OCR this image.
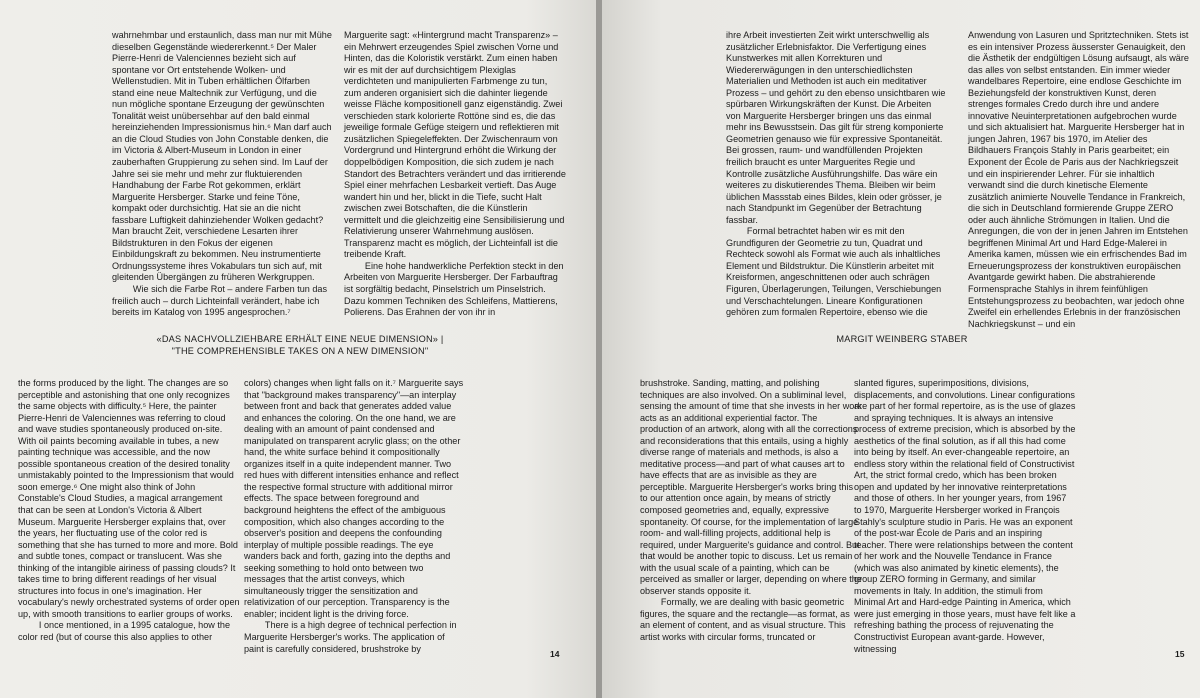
wahrnehmbar und erstaunlich, dass man nur mit Mühe dieselben Gegenstände wiedererkennt.⁵ Der Maler Pierre-Henri de Valenciennes bezieht sich auf spontane vor Ort entstehende Wolken- und Wellenstudien. Mit in Tuben erhältlichen Ölfarben stand eine neue Maltechnik zur Verfügung, und die nun mögliche spontane Erzeugung der gewünschten Tonalität weist unübersehbar auf den bald einmal hereinziehenden Impressionismus hin.⁶ Man darf auch an die Cloud Studies von John Constable denken, die im Victoria & Albert-Museum in London in einer zauberhaften Gruppierung zu sehen sind. Im Lauf der Jahre sei sie mehr und mehr zur fluktuierenden Handhabung der Farbe Rot gekommen, erklärt Marguerite Hersberger. Starke und feine Töne, kompakt oder durchsichtig. Hat sie an die nicht fassbare Luftigkeit dahinziehender Wolken gedacht? Man braucht Zeit, verschiedene Lesarten ihrer Bildstrukturen in den Fokus der eigenen Einbildungskraft zu bekommen. Neu instrumentierte Ordnungssysteme ihres Vokabulars tun sich auf, mit gleitenden Übergängen zu früheren Werkgruppen.

Wie sich die Farbe Rot – andere Farben tun das freilich auch – durch Lichteinfall verändert, habe ich bereits im Katalog von 1995 angesprochen.⁷

Marguerite sagt: «Hintergrund macht Transparenz» – ein Mehrwert erzeugendes Spiel zwischen Vorne und Hinten, das die Koloristik verstärkt. Zum einen haben wir es mit der auf durchsichtigem Plexiglas verdichteten und manipulierten Farbmenge zu tun, zum anderen organisiert sich die dahinter liegende weisse Fläche kompositionell ganz eigenständig. Zwei verschieden stark kolorierte Rottöne sind es, die das jeweilige formale Gefüge steigern und reflektieren mit zusätzlichen Spiegeleffekten. Der Zwischenraum von Vordergrund und Hintergrund erhöht die Wirkung der doppelbödigen Komposition, die sich zudem je nach Standort des Betrachters verändert und das irritierende Spiel einer mehrfachen Lesbarkeit vertieft. Das Auge wandert hin und her, blickt in die Tiefe, sucht Halt zwischen zwei Botschaften, die die Künstlerin vermittelt und die gleichzeitig eine Sensibilisierung und Relativierung unserer Wahrnehmung auslösen. Transparenz macht es möglich, der Lichteinfall ist die treibende Kraft.

Eine hohe handwerkliche Perfektion steckt in den Arbeiten von Marguerite Hersberger. Der Farbauftrag ist sorgfältig bedacht, Pinselstrich um Pinselstrich. Dazu kommen Techniken des Schleifens, Mattierens, Polierens. Das Erahnen der von ihr in

«DAS NACHVOLLZIEHBARE ERHÄLT EINE NEUE DIMENSION» |
"THE COMPREHENSIBLE TAKES ON A NEW DIMENSION"

the forms produced by the light. The changes are so perceptible and astonishing that one only recognizes the same objects with difficulty.⁵ Here, the painter Pierre-Henri de Valenciennes was referring to cloud and wave studies spontaneously produced on-site. With oil paints becoming available in tubes, a new painting technique was accessible, and the now possible spontaneous creation of the desired tonality unmistakably pointed to the Impressionism that would soon emerge.⁶ One might also think of John Constable's Cloud Studies, a magical arrangement that can be seen at London's Victoria & Albert Museum. Marguerite Hersberger explains that, over the years, her fluctuating use of the color red is something that she has turned to more and more. Bold and subtle tones, compact or translucent. Was she thinking of the intangible airiness of passing clouds? It takes time to bring different readings of her visual structures into focus in one's imagination. Her vocabulary's newly orchestrated systems of order open up, with smooth transitions to earlier groups of works.

I once mentioned, in a 1995 catalogue, how the color red (but of course this also applies to other

colors) changes when light falls on it.⁷ Marguerite says that "background makes transparency"—an interplay between front and back that generates added value and enhances the coloring. On the one hand, we are dealing with an amount of paint condensed and manipulated on transparent acrylic glass; on the other hand, the white surface behind it compositionally organizes itself in a quite independent manner. Two red hues with different intensities enhance and reflect the respective formal structure with additional mirror effects. The space between foreground and background heightens the effect of the ambiguous composition, which also changes according to the observer's position and deepens the confounding interplay of multiple possible readings. The eye wanders back and forth, gazing into the depths and seeking something to hold onto between two messages that the artist conveys, which simultaneously trigger the sensitization and relativization of our perception. Transparency is the enabler; incident light is the driving force.

There is a high degree of technical perfection in Marguerite Hersberger's works. The application of paint is carefully considered, brushstroke by

14

ihre Arbeit investierten Zeit wirkt unterschwellig als zusätzlicher Erlebnisfaktor. Die Verfertigung eines Kunstwerkes mit allen Korrekturen und Wiedererwägungen in den unterschiedlichsten Materialien und Methoden ist auch ein meditativer Prozess – und gehört zu den ebenso unsichtbaren wie spürbaren Wirkungskräften der Kunst. Die Arbeiten von Marguerite Hersberger bringen uns das einmal mehr ins Bewusstsein. Das gilt für streng komponierte Geometrien genauso wie für expressive Spontaneität. Bei grossen, raum- und wandfüllenden Projekten freilich braucht es unter Marguerites Regie und Kontrolle zusätzliche Ausführungshilfe. Das wäre ein weiteres zu diskutierendes Thema. Bleiben wir beim üblichen Massstab eines Bildes, klein oder grösser, je nach Standpunkt im Gegenüber der Betrachtung fassbar.

Formal betrachtet haben wir es mit den Grundfiguren der Geometrie zu tun, Quadrat und Rechteck sowohl als Format wie auch als inhaltliches Element und Bildstruktur. Die Künstlerin arbeitet mit Kreisformen, angeschnittenen oder auch schrägen Figuren, Überlagerungen, Teilungen, Verschiebungen und Verschachtelungen. Lineare Konfigurationen gehören zum formalen Repertoire, ebenso wie die

Anwendung von Lasuren und Spritztechniken. Stets ist es ein intensiver Prozess äusserster Genauigkeit, den die Ästhetik der endgültigen Lösung aufsaugt, als wäre das alles von selbst entstanden. Ein immer wieder wandelbares Repertoire, eine endlose Geschichte im Beziehungsfeld der konstruktiven Kunst, deren strenges formales Credo durch ihre und andere innovative Neuinterpretationen aufgebrochen wurde und sich aktualisiert hat. Marguerite Hersberger hat in jungen Jahren, 1967 bis 1970, im Atelier des Bildhauers François Stahly in Paris gearbeitet; ein Exponent der École de Paris aus der Nachkriegszeit und ein inspirierender Lehrer. Für sie inhaltlich verwandt sind die durch kinetische Elemente zusätzlich animierte Nouvelle Tendance in Frankreich, die sich in Deutschland formierende Gruppe ZERO oder auch ähnliche Strömungen in Italien. Und die Anregungen, die von der in jenen Jahren im Entstehen begriffenen Minimal Art und Hard Edge-Malerei in Amerika kamen, müssen wie ein erfrischendes Bad im Erneuerungsprozess der konstruktiven europäischen Avantgarde gewirkt haben. Die abstrahierende Formensprache Stahlys in ihrem feinfühligen Entstehungsprozess zu beobachten, war jedoch ohne Zweifel ein erhellendes Erlebnis in der französischen Nachkriegskunst – und ein

MARGIT WEINBERG STABER

brushstroke. Sanding, matting, and polishing techniques are also involved. On a subliminal level, sensing the amount of time that she invests in her work acts as an additional experiential factor. The production of an artwork, along with all the corrections and reconsiderations that this entails, using a highly diverse range of materials and methods, is also a meditative process—and part of what causes art to have effects that are as invisible as they are perceptible. Marguerite Hersberger's works bring this to our attention once again, by means of strictly composed geometries and, equally, expressive spontaneity. Of course, for the implementation of large room- and wall-filling projects, additional help is required, under Marguerite's guidance and control. But that would be another topic to discuss. Let us remain with the usual scale of a painting, which can be perceived as smaller or larger, depending on where the observer stands opposite it.

Formally, we are dealing with basic geometric figures, the square and the rectangle—as format, as an element of content, and as visual structure. This artist works with circular forms, truncated or

slanted figures, superimpositions, divisions, displacements, and convolutions. Linear configurations are part of her formal repertoire, as is the use of glazes and spraying techniques. It is always an intensive process of extreme precision, which is absorbed by the aesthetics of the final solution, as if all this had come into being by itself. An ever-changeable repertoire, an endless story within the relational field of Constructivist Art, the strict formal credo, which has been broken open and updated by her innovative reinterpretations and those of others. In her younger years, from 1967 to 1970, Marguerite Hersberger worked in François Stahly's sculpture studio in Paris. He was an exponent of the post-war École de Paris and an inspiring teacher. There were relationships between the content of her work and the Nouvelle Tendance in France (which was also animated by kinetic elements), the group ZERO forming in Germany, and similar movements in Italy. In addition, the stimuli from Minimal Art and Hard-edge Painting in America, which were just emerging in those years, must have felt like a refreshing bathing the process of rejuvenating the Constructivist European avant-garde. However, witnessing

15
